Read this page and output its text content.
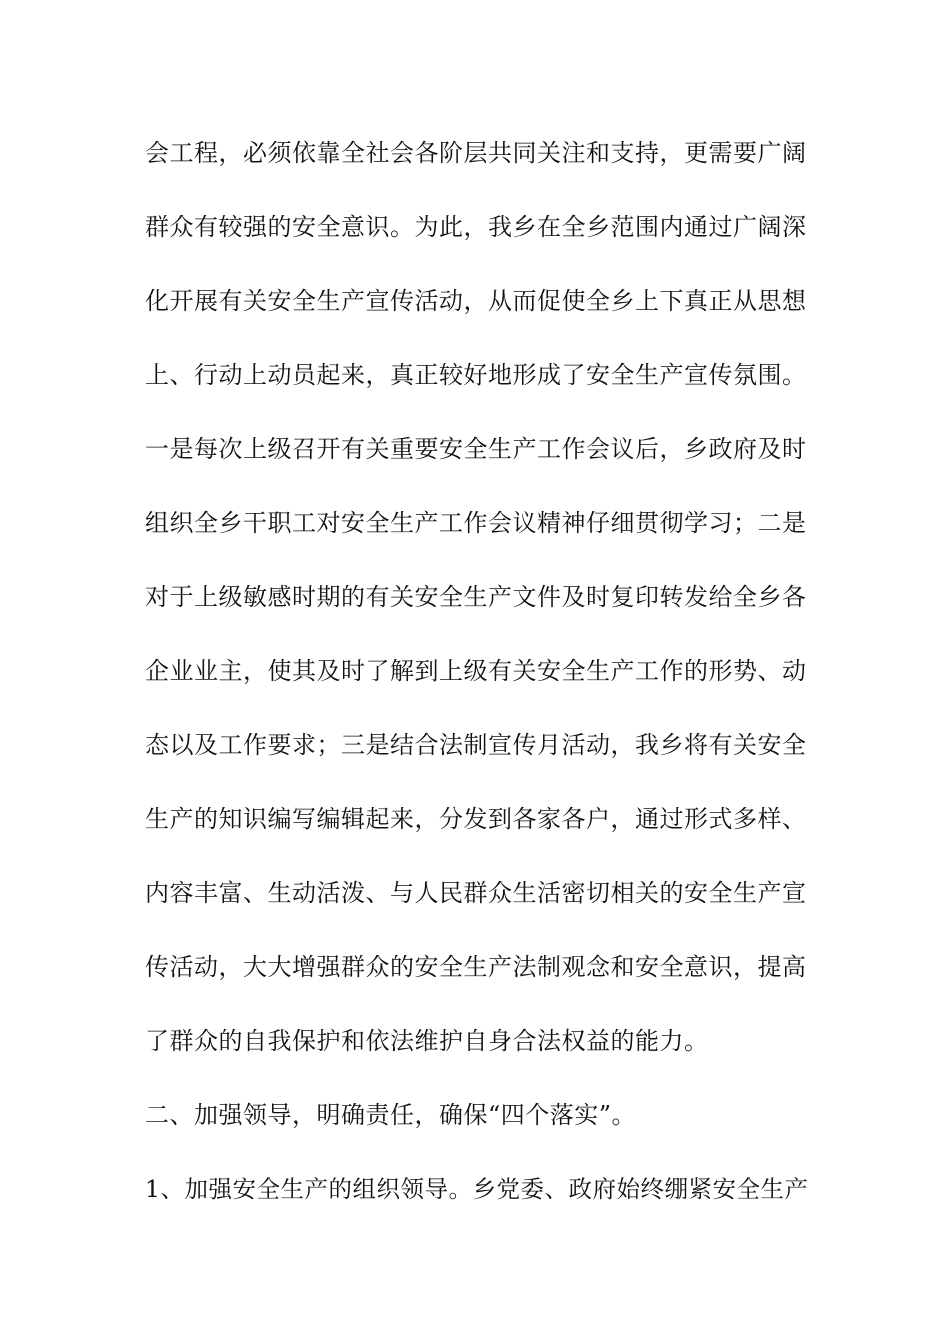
会工程，必须依靠全社会各阶层共同关注和支持，更需要广阔
群众有较强的安全意识。为此，我乡在全乡范围内通过广阔深
化开展有关安全生产宣传活动，从而促使全乡上下真正从思想
上、行动上动员起来，真正较好地形成了安全生产宣传氛围。
一是每次上级召开有关重要安全生产工作会议后，乡政府及时
组织全乡干职工对安全生产工作会议精神仔细贯彻学习；二是
对于上级敏感时期的有关安全生产文件及时复印转发给全乡各
企业业主，使其及时了解到上级有关安全生产工作的形势、动
态以及工作要求；三是结合法制宣传月活动，我乡将有关安全
生产的知识编写编辑起来，分发到各家各户，通过形式多样、
内容丰富、生动活泼、与人民群众生活密切相关的安全生产宣
传活动，大大增强群众的安全生产法制观念和安全意识，提高
了群众的自我保护和依法维护自身合法权益的能力。
二、加强领导，明确责任，确保“四个落实”。
1、加强安全生产的组织领导。乡党委、政府始终绷紧安全生产
